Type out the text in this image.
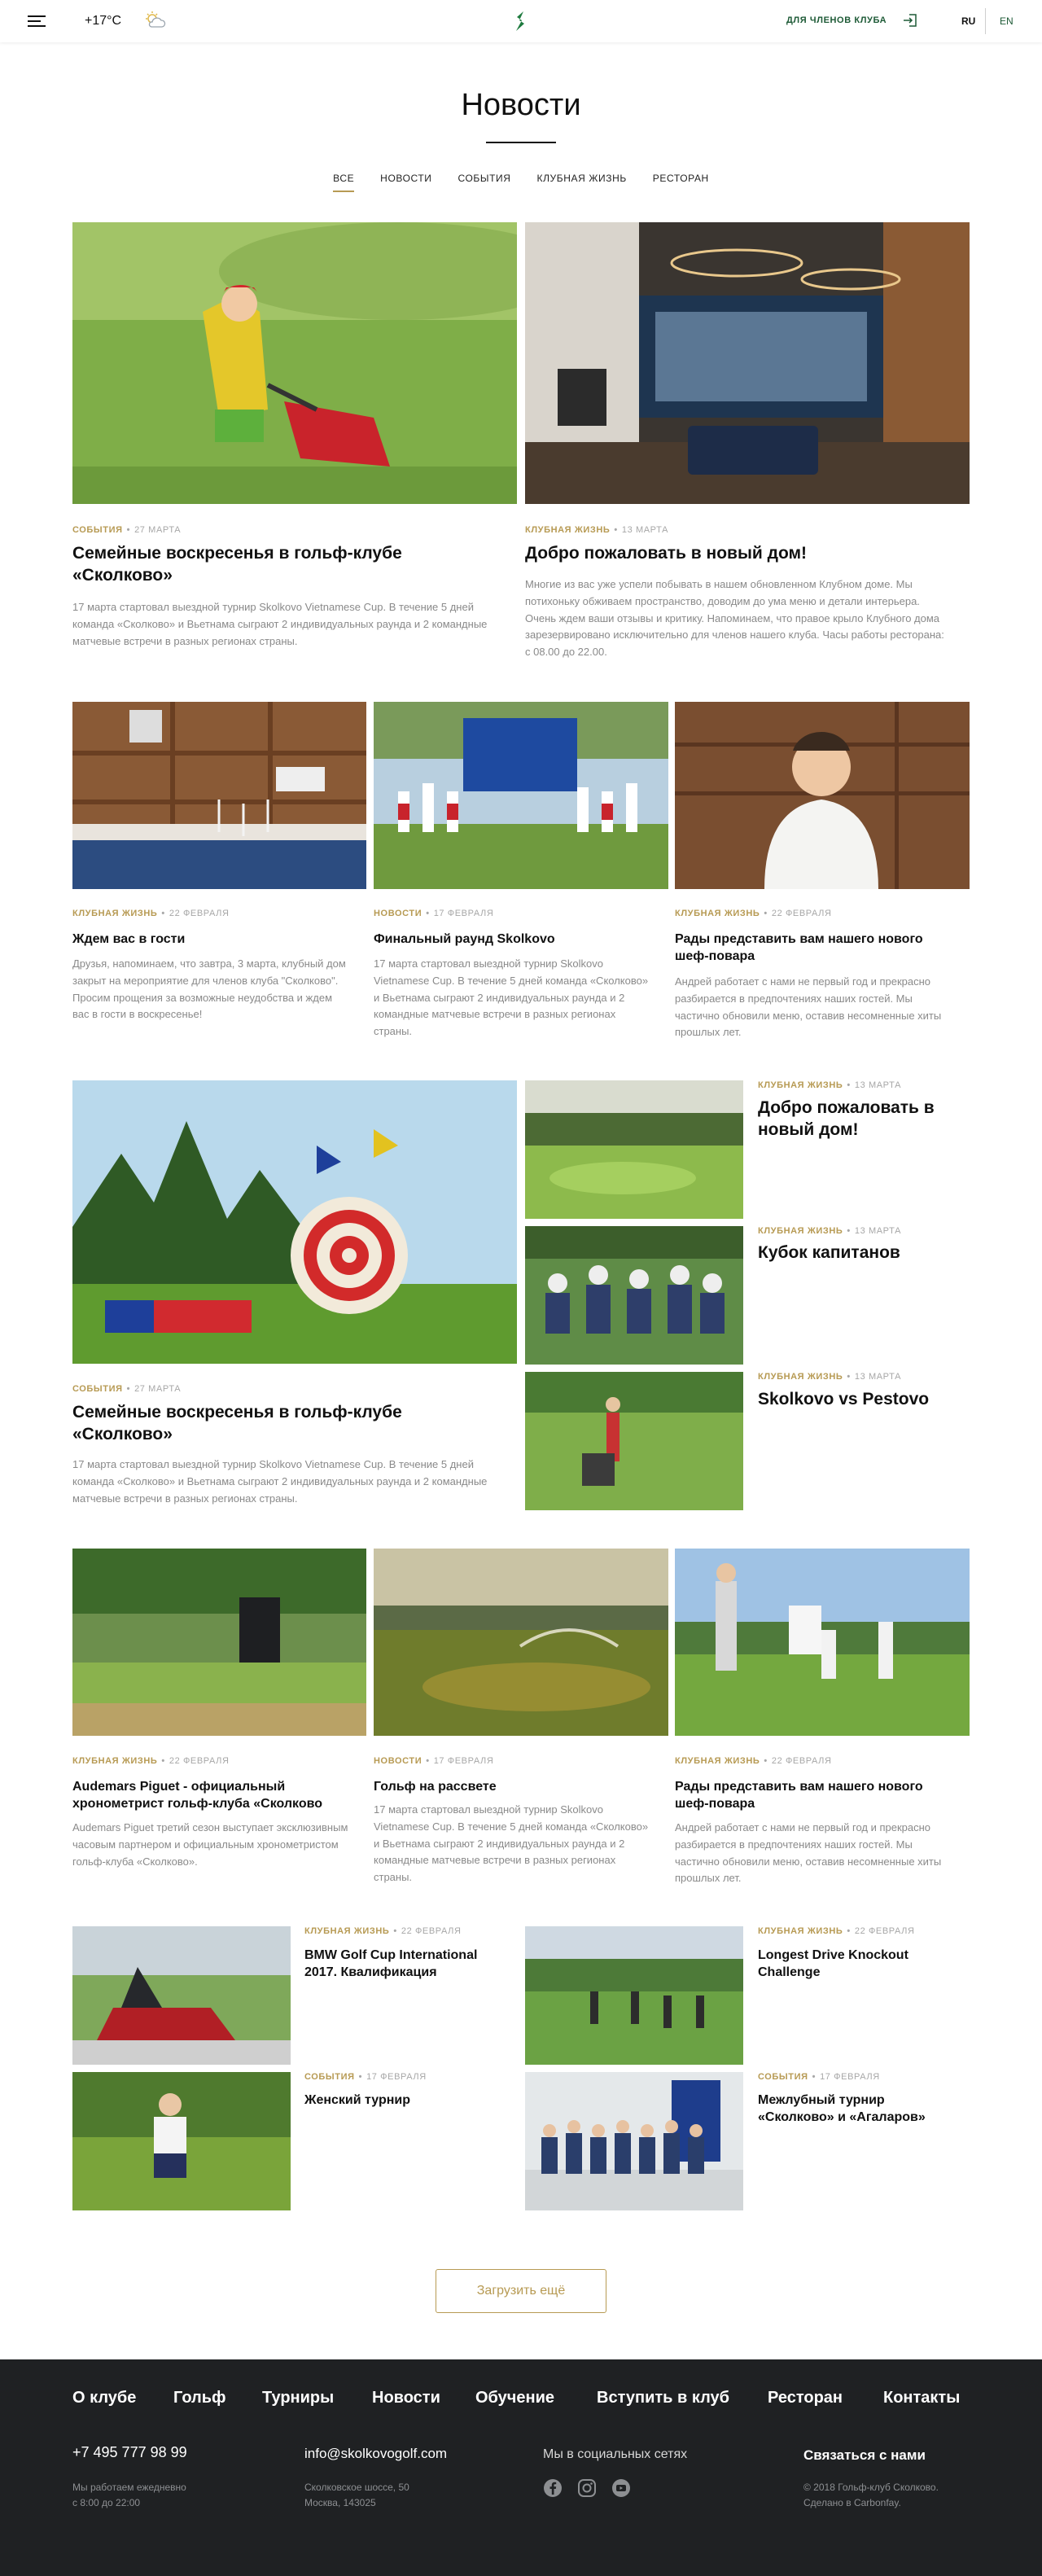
+17°С	ДЛЯ ЧЛЕНОВ КЛУБА	RU EN
Новости
ВСЕ	НОВОСТИ	СОБЫТИЯ	КЛУБНАЯ ЖИЗНЬ	РЕСТОРАН
СОБЫТИЯ • 27 МАРТА
Семейные воскресенья в гольф-клубе «Сколково»
17 марта стартовал выездной турнир Skolkovo Vietnamese Cup. В течение 5 дней команда «Сколково» и Вьетнама сыграют 2 индивидуальных раунда и 2 командные матчевые встречи в разных регионах страны.
КЛУБНАЯ ЖИЗНЬ • 13 МАРТА
Добро пожаловать в новый дом!
Многие из вас уже успели побывать в нашем обновленном Клубном доме. Мы потихоньку обживаем пространство, доводим до ума меню и детали интерьера. Очень ждем ваши отзывы и критику. Напоминаем, что правое крыло Клубного дома зарезервировано исключительно для членов нашего клуба. Часы работы ресторана: с 08.00 до 22.00.
КЛУБНАЯ ЖИЗНЬ • 22 ФЕВРАЛЯ
Ждем вас в гости
Друзья, напоминаем, что завтра, 3 марта, клубный дом закрыт на мероприятие для членов клуба "Сколково". Просим прощения за возможные неудобства и ждем вас в гости в воскресенье!
НОВОСТИ • 17 ФЕВРАЛЯ
Финальный раунд Skolkovo
17 марта стартовал выездной турнир Skolkovo Vietnamese Cup. В течение 5 дней команда «Сколково» и Вьетнама сыграют 2 индивидуальных раунда и 2 командные матчевые встречи в разных регионах страны.
КЛУБНАЯ ЖИЗНЬ • 22 ФЕВРАЛЯ
Рады представить вам нашего нового шеф-повара
Андрей работает с нами не первый год и прекрасно разбирается в предпочтениях наших гостей. Мы частично обновили меню, оставив несомненные хиты прошлых лет.
СОБЫТИЯ • 27 МАРТА
Семейные воскресенья в гольф-клубе «Сколково»
17 марта стартовал выездной турнир Skolkovo Vietnamese Cup. В течение 5 дней команда «Сколково» и Вьетнама сыграют 2 индивидуальных раунда и 2 командные матчевые встречи в разных регионах страны.
КЛУБНАЯ ЖИЗНЬ • 13 МАРТА
Добро пожаловать в новый дом!
КЛУБНАЯ ЖИЗНЬ • 13 МАРТА
Кубок капитанов
КЛУБНАЯ ЖИЗНЬ • 13 МАРТА
Skolkovo vs Pestovo
КЛУБНАЯ ЖИЗНЬ • 22 ФЕВРАЛЯ
Audemars Piguet - официальный хронометрист гольф-клуба «Сколково
Audemars Piguet третий сезон выступает эксклюзивным часовым партнером и официальным хронометристом гольф-клуба «Сколково».
НОВОСТИ • 17 ФЕВРАЛЯ
Гольф на рассвете
17 марта стартовал выездной турнир Skolkovo Vietnamese Cup. В течение 5 дней команда «Сколково» и Вьетнама сыграют 2 индивидуальных раунда и 2 командные матчевые встречи в разных регионах страны.
КЛУБНАЯ ЖИЗНЬ • 22 ФЕВРАЛЯ
Рады представить вам нашего нового шеф-повара
Андрей работает с нами не первый год и прекрасно разбирается в предпочтениях наших гостей. Мы частично обновили меню, оставив несомненные хиты прошлых лет.
КЛУБНАЯ ЖИЗНЬ • 22 ФЕВРАЛЯ
BMW Golf Cup International 2017. Квалификация
СОБЫТИЯ • 17 ФЕВРАЛЯ
Женский турнир
КЛУБНАЯ ЖИЗНЬ • 22 ФЕВРАЛЯ
Longest Drive Knockout Challenge
СОБЫТИЯ • 17 ФЕВРАЛЯ
Межлубный турнир «Сколково» и «Агаларов»
Загрузить ещё
О клубе Гольф Турниры Новости Обучение	Вступить в клуб Ресторан	Контакты
+7 495 777 98 99
Мы работаем ежедневно
с 8:00 до 22:00
info@skolkovogolf.com
Сколковское шоссе, 50
Москва, 143025
Мы в социальных сетях	Связаться с нами
© 2018 Гольф-клуб Сколково.
Сделано в Carbonfay.
